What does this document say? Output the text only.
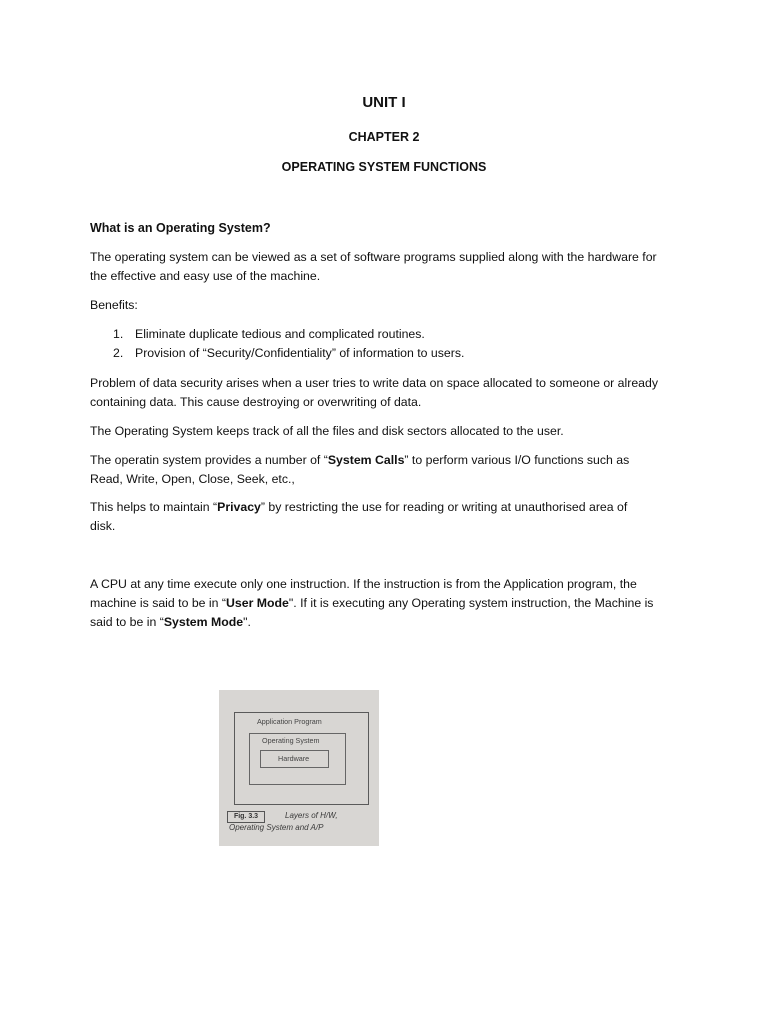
UNIT I
CHAPTER 2
OPERATING SYSTEM FUNCTIONS
What is an Operating System?
The operating system can be viewed as a set of software programs supplied along with the hardware for
the effective and easy use of the machine.
Benefits:
1. Eliminate duplicate tedious and complicated routines.
2. Provision of “Security/Confidentiality” of information to users.
Problem of data security arises when a user tries to write data on space allocated to someone or already
containing data. This cause destroying or overwriting of data.
The Operating System keeps track of all the files and disk sectors allocated to the user.
The operatin system provides a number of “System Calls” to perform various I/O functions such as
Read, Write, Open, Close, Seek, etc.,
This helps to maintain “Privacy” by restricting the use for reading or writing at unauthorised area of
disk.
A CPU at any time execute only one instruction. If the instruction is from the Application program, the
machine is said to be in “User Mode". If it is executing any Operating system instruction, the Machine is
said to be in “System Mode".
Application Program
Operating System
Hardware
Fig. 3.3	Layers of H/W,
Operating System and A/P
